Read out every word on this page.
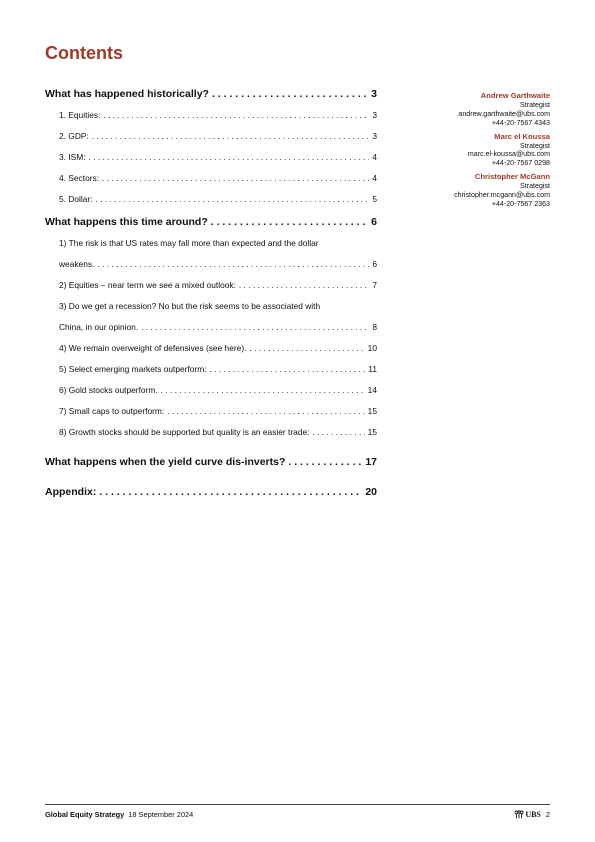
Contents
What has happened historically? . . .	3
1. Equities: . . .	3
2. GDP: . . .	3
3. ISM: . . .	4
4. Sectors: . . .	4
5. Dollar: . . .	5
What happens this time around? . . .	6
1) The risk is that US rates may fall more than expected and the dollar
weakens. . . .	6
2) Equities – near term we see a mixed outlook: . . .	7
3) Do we get a recession? No but the risk seems to be associated with
China, in our opinion. . . .	8
4) We remain overweight of defensives (see here). . . .	10
5) Select emerging markets outperform: . . .	11
6) Gold stocks outperform. . . .	14
7) Small caps to outperform: . . .	15
8) Growth stocks should be supported but quality is an easier trade: . . .	15
What happens when the yield curve dis-inverts? . . .	17
Appendix: . . .	20
Andrew Garthwaite
Strategist
andrew.garthwaite@ubs.com
+44-20-7567 4343
Marc el Koussa
Strategist
marc.el-koussa@ubs.com
+44-20-7567 0298
Christopher McGann
Strategist
christopher.mcgann@ubs.com
+44-20-7567 2363
Global Equity Strategy 18 September 2024	UBS 2
